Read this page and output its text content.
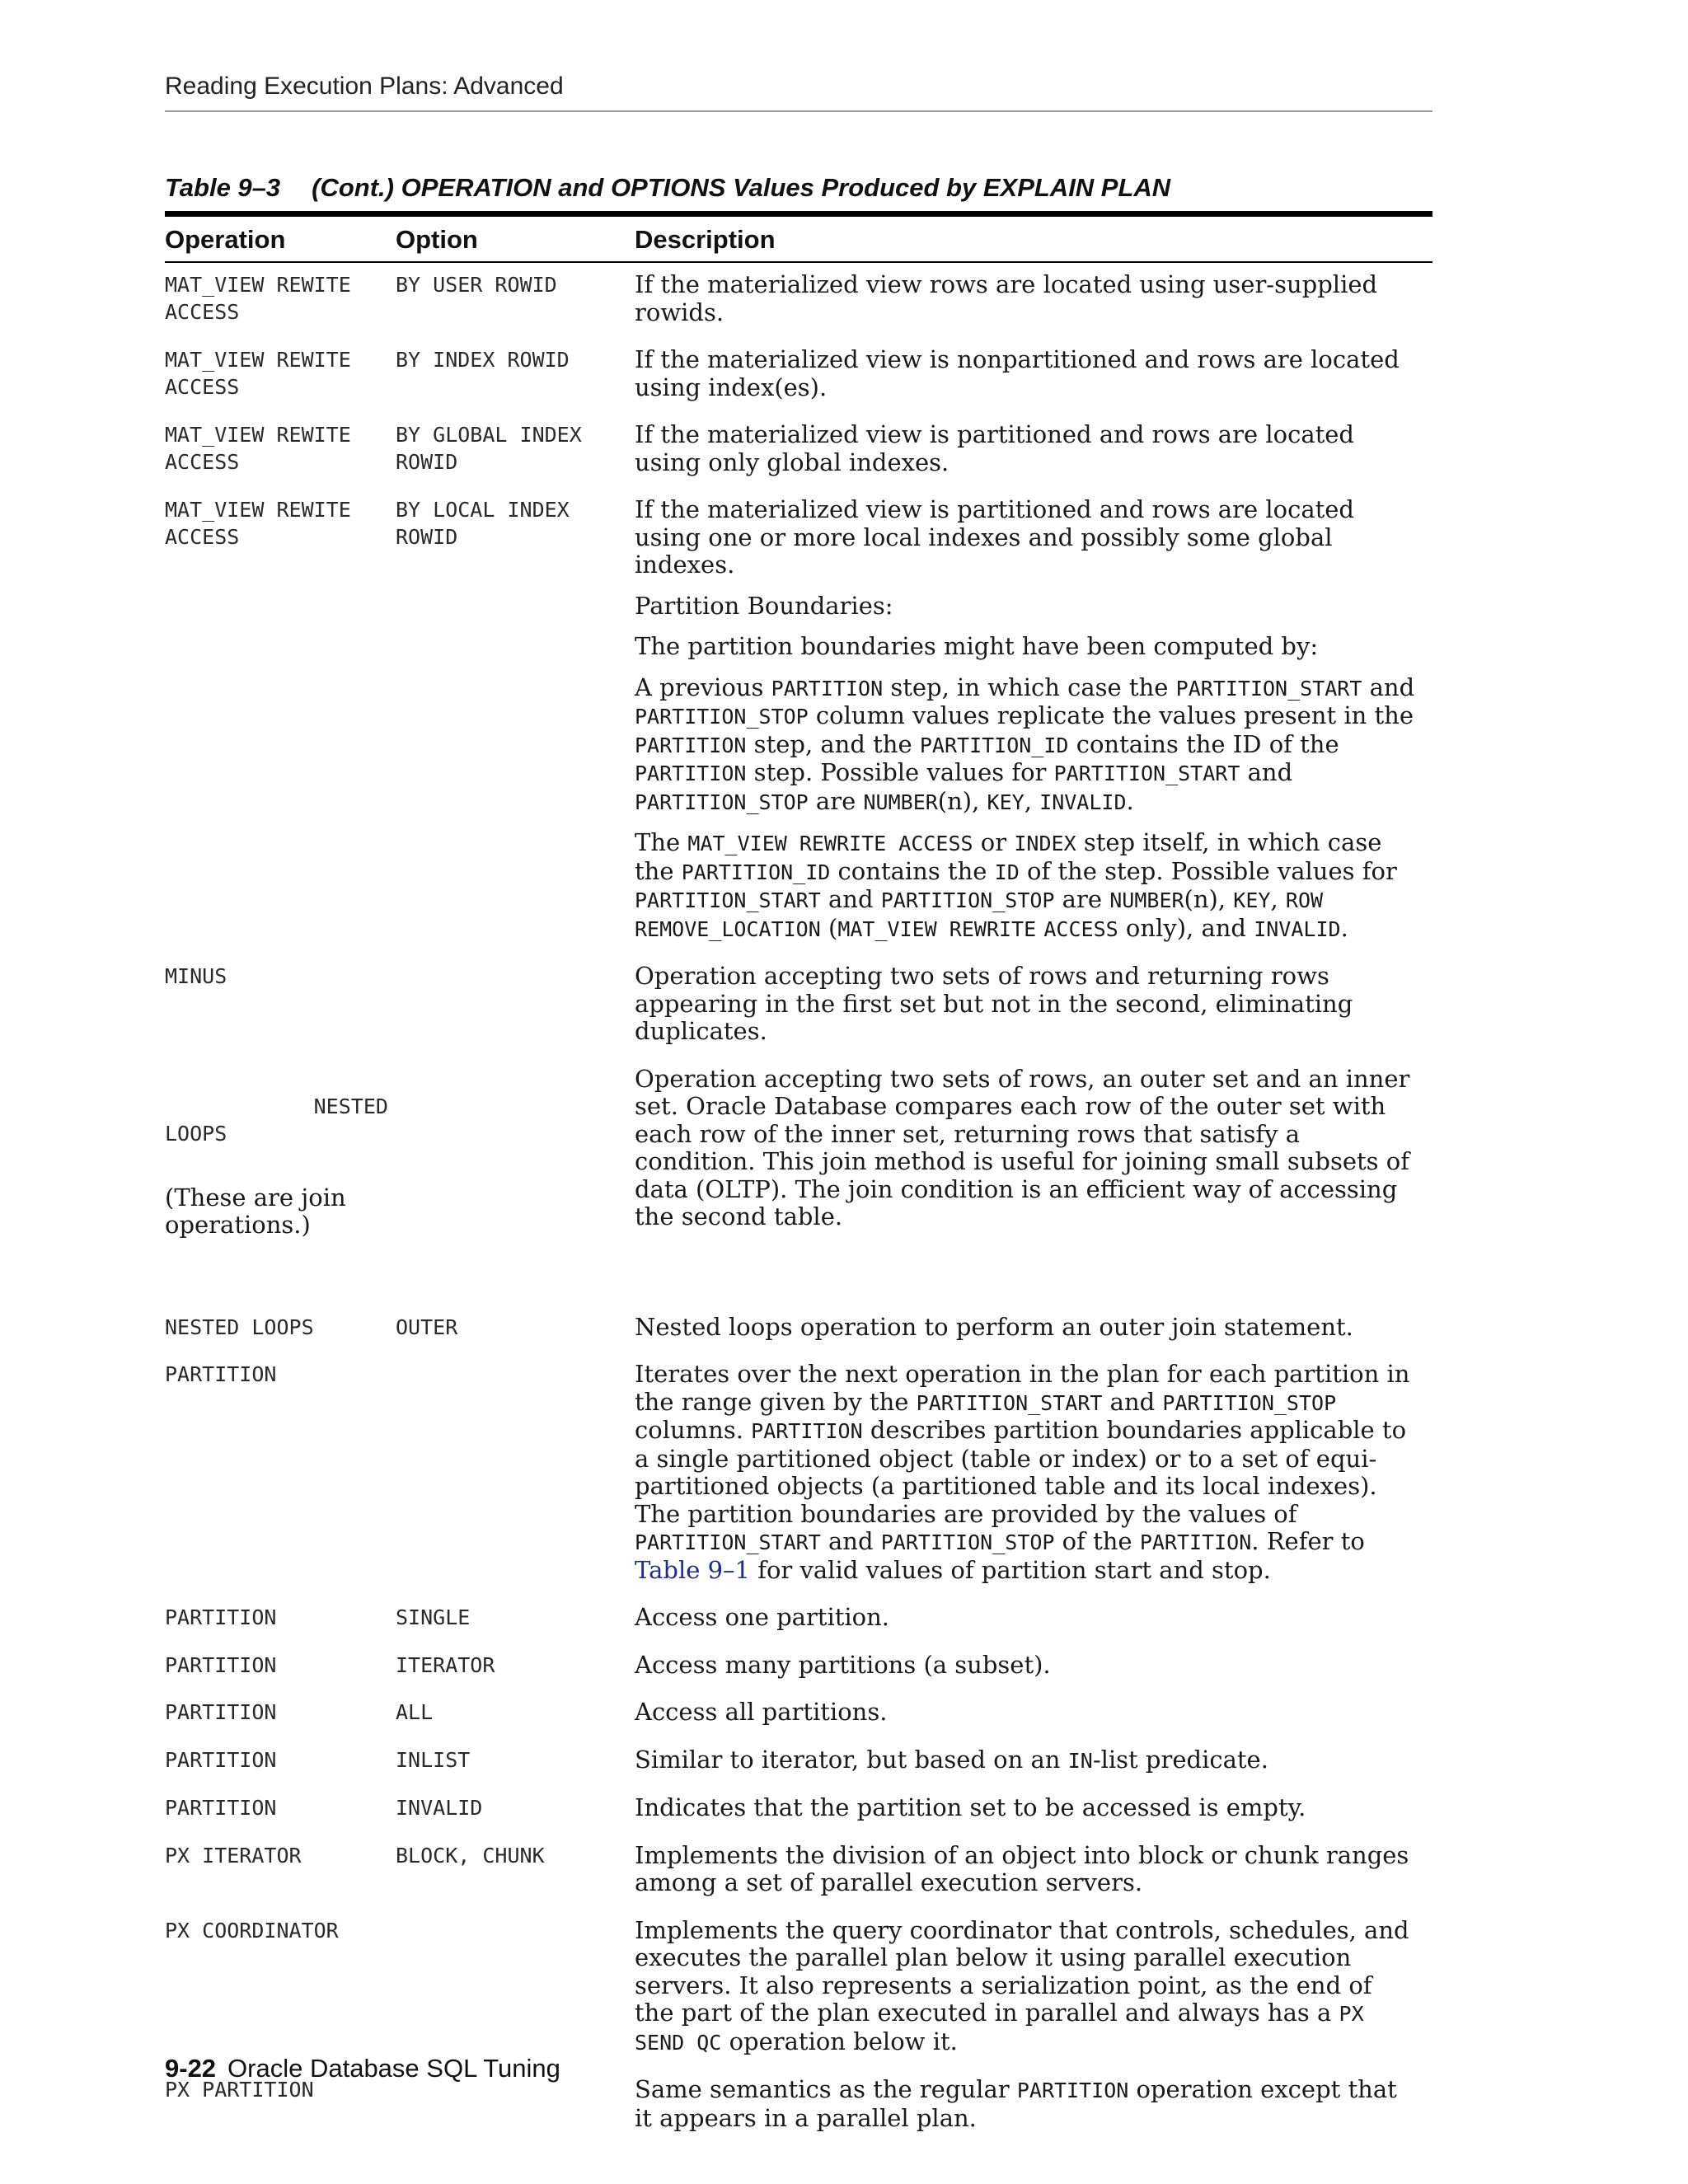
Reading Execution Plans: Advanced
Table 9–3 (Cont.) OPERATION and OPTIONS Values Produced by EXPLAIN PLAN
Operation	Option	Description
MAT_VIEW REWITE ACCESS	BY USER ROWID	If the materialized view rows are located using user-supplied rowids.
MAT_VIEW REWITE ACCESS	BY INDEX ROWID	If the materialized view is nonpartitioned and rows are located using index(es).
MAT_VIEW REWITE ACCESS	BY GLOBAL INDEX ROWID	If the materialized view is partitioned and rows are located using only global indexes.
MAT_VIEW REWITE ACCESS	BY LOCAL INDEX ROWID	If the materialized view is partitioned and rows are located using one or more local indexes and possibly some global indexes.

Partition Boundaries:

The partition boundaries might have been computed by:

A previous PARTITION step, in which case the PARTITION_START and PARTITION_STOP column values replicate the values present in the PARTITION step, and the PARTITION_ID contains the ID of the PARTITION step. Possible values for PARTITION_START and PARTITION_STOP are NUMBER(n), KEY, INVALID.

The MAT_VIEW REWRITE ACCESS or INDEX step itself, in which case the PARTITION_ID contains the ID of the step. Possible values for PARTITION_START and PARTITION_STOP are NUMBER(n), KEY, ROW REMOVE_LOCATION (MAT_VIEW REWRITE ACCESS only), and INVALID.

MINUS		Operation accepting two sets of rows and returning rows appearing in the first set but not in the second, eliminating duplicates.

NESTED LOOPS

(These are join operations.)		Operation accepting two sets of rows, an outer set and an inner set. Oracle Database compares each row of the outer set with each row of the inner set, returning rows that satisfy a condition. This join method is useful for joining small subsets of data (OLTP). The join condition is an efficient way of accessing the second table.
NESTED LOOPS	OUTER	Nested loops operation to perform an outer join statement.
PARTITION		Iterates over the next operation in the plan for each partition in the range given by the PARTITION_START and PARTITION_STOP columns. PARTITION describes partition boundaries applicable to a single partitioned object (table or index) or to a set of equi-partitioned objects (a partitioned table and its local indexes). The partition boundaries are provided by the values of PARTITION_START and PARTITION_STOP of the PARTITION. Refer to Table 9–1 for valid values of partition start and stop.
PARTITION	SINGLE	Access one partition.
PARTITION	ITERATOR	Access many partitions (a subset).
PARTITION	ALL	Access all partitions.
PARTITION	INLIST	Similar to iterator, but based on an IN-list predicate.
PARTITION	INVALID	Indicates that the partition set to be accessed is empty.
PX ITERATOR	BLOCK, CHUNK	Implements the division of an object into block or chunk ranges among a set of parallel execution servers.
PX COORDINATOR		Implements the query coordinator that controls, schedules, and executes the parallel plan below it using parallel execution servers. It also represents a serialization point, as the end of the part of the plan executed in parallel and always has a PX SEND QC operation below it.
PX PARTITION		Same semantics as the regular PARTITION operation except that it appears in a parallel plan.
9-22 Oracle Database SQL Tuning
